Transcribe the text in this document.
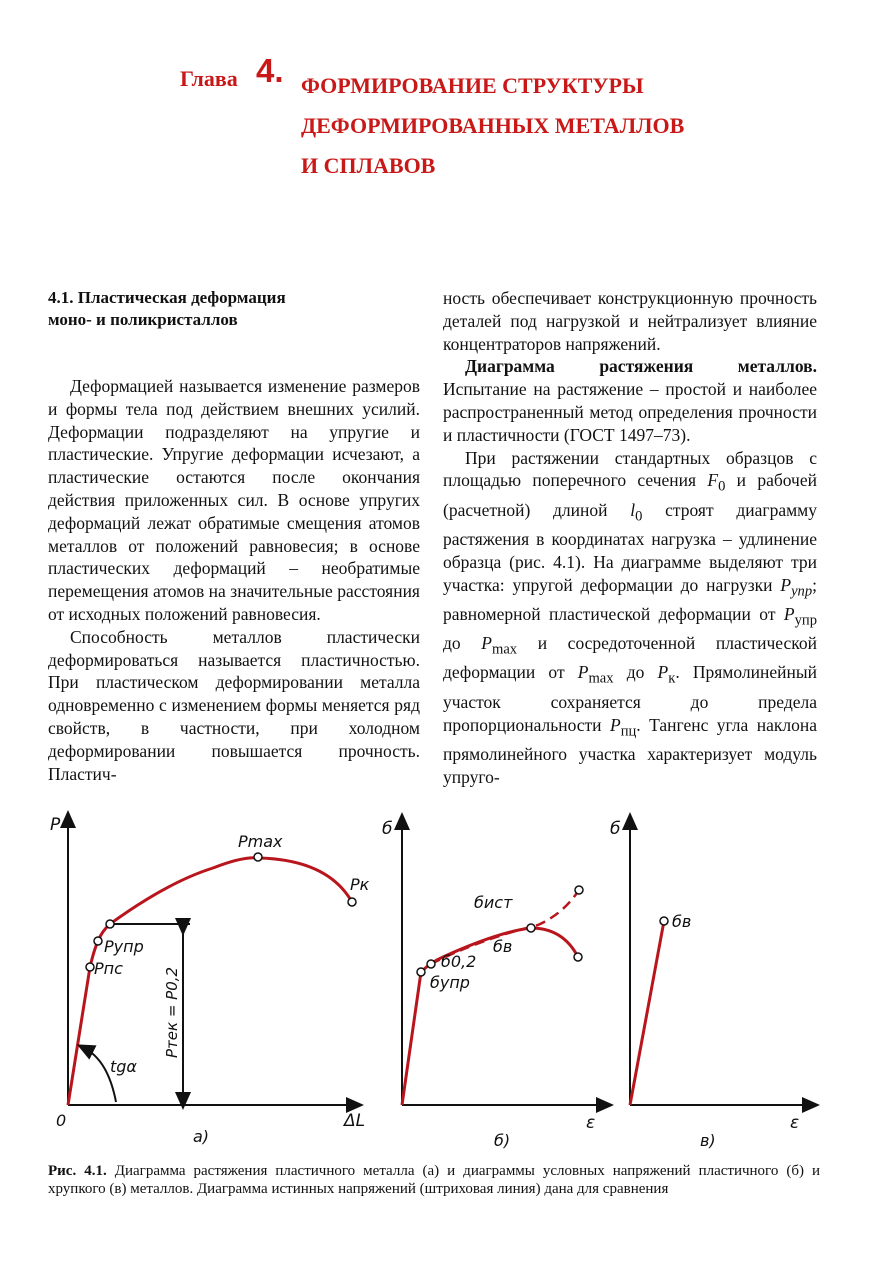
Глава 4. ФОРМИРОВАНИЕ СТРУКТУРЫ
ДЕФОРМИРОВАННЫХ МЕТАЛЛОВ
И СПЛАВОВ
4.1. Пластическая деформация
моно- и поликристаллов

Деформацией называется изменение размеров и формы тела под действием внешних усилий. Деформации подразделяют на упругие и пластические. Упругие деформации исчезают, а пластические остаются после окончания действия приложенных сил. В основе упругих деформаций лежат обратимые смещения атомов металлов от положений равновесия; в основе пластических деформаций – необратимые перемещения атомов на значительные расстояния от исходных положений равновесия.

Способность металлов пластически деформироваться называется пластичностью. При пластическом деформировании металла одновременно с изменением формы меняется ряд свойств, в частности, при холодном деформировании повышается прочность. Пластич-

ность обеспечивает конструкционную прочность деталей под нагрузкой и нейтрализует влияние концентраторов напряжений.

Диаграмма растяжения металлов. Испытание на растяжение – простой и наиболее распространенный метод определения прочности и пластичности (ГОСТ 1497–73).

При растяжении стандартных образцов с площадью поперечного сечения $F_0$ и рабочей (расчетной) длиной $l_0$ строят диаграмму растяжения в координатах нагрузка – удлинение образца (рис. 4.1). На диаграмме выделяют три участка: упругой деформации до нагрузки $P_{упр}$; равномерной пластической деформации от $P_{упр}$ до $P_{max}$ и сосредоточенной пластической деформации от $P_{max}$ до $P_к$. Прямолинейный участок сохраняется до предела пропорциональности $P_{пц}$. Тангенс угла наклона прямолинейного участка характеризует модуль упруго-

P
ΔL
0
Pmax
Pк
Pупр
Pпс	Pтек = P0,2
tgα
а)
б
ε
бист
бв
б0,2
бупр
б)
б
ε
бв
в)
Рис. 4.1. Диаграмма растяжения пластичного металла (а) и диаграммы условных напряжений пластичного (б) и хрупкого (в) металлов. Диаграмма истинных напряжений (штриховая линия) дана для сравнения
